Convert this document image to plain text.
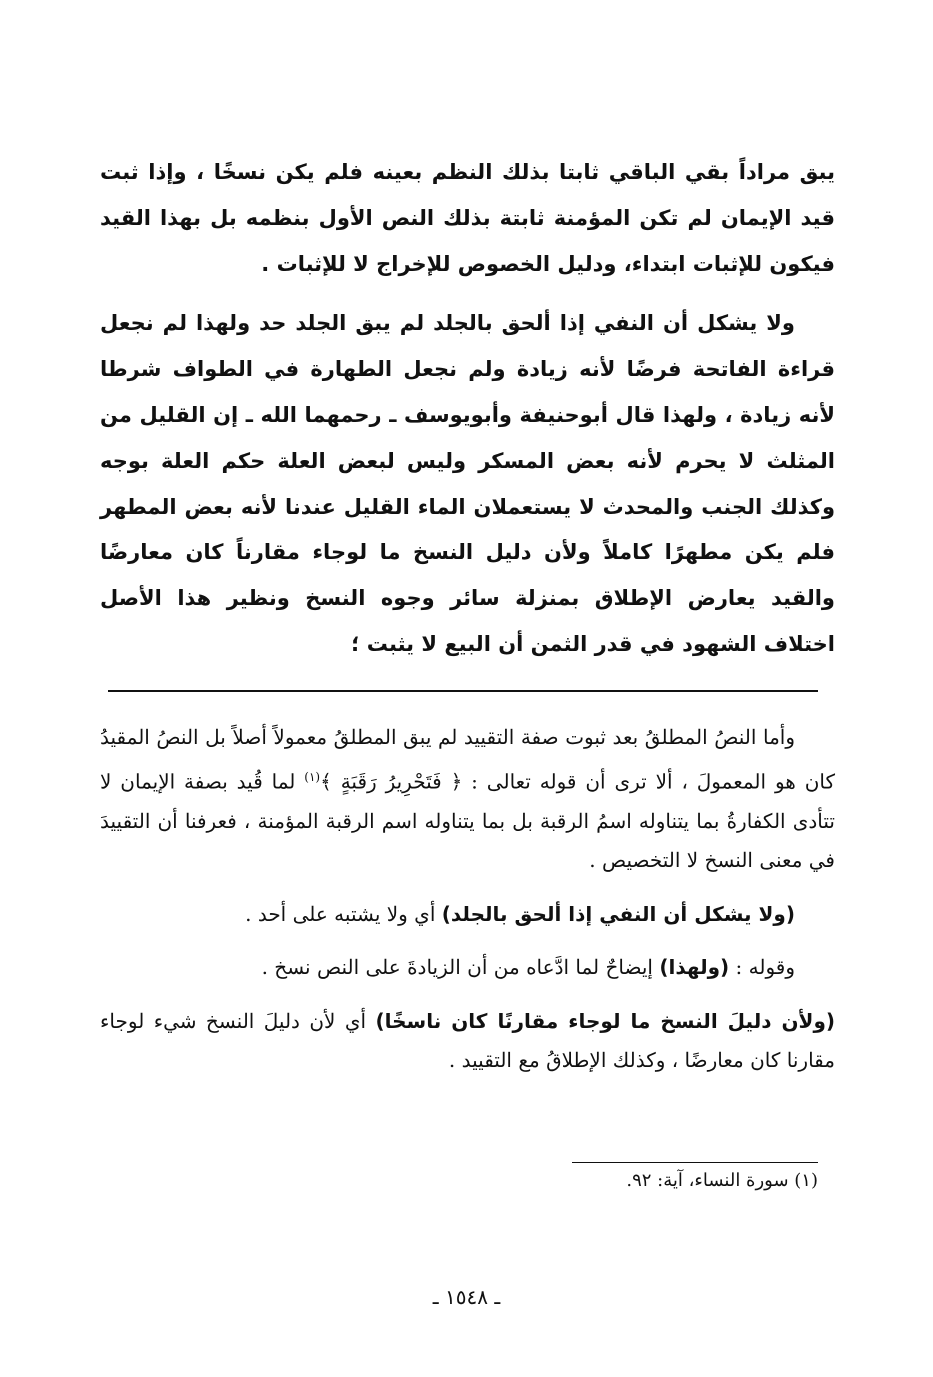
يبق مراداً بقي الباقي ثابتا بذلك النظم بعينه فلم يكن نسخًا ، وإذا ثبت قيد الإيمان لم تكن المؤمنة ثابتة بذلك النص الأول بنظمه بل بهذا القيد فيكون للإثبات ابتداء، ودليل الخصوص للإخراج لا للإثبات .

ولا يشكل أن النفي إذا ألحق بالجلد لم يبق الجلد حد ولهذا لم نجعل قراءة الفاتحة فرضًا لأنه زيادة ولم نجعل الطهارة في الطواف شرطا لأنه زيادة ، ولهذا قال أبوحنيفة وأبويوسف ـ رحمهما الله ـ إن القليل من المثلث لا يحرم لأنه بعض المسكر وليس لبعض العلة حكم العلة بوجه وكذلك الجنب والمحدث لا يستعملان الماء القليل عندنا لأنه بعض المطهر فلم يكن مطهرًا كاملاً ولأن دليل النسخ ما لوجاء مقارناً كان معارضًا والقيد يعارض الإطلاق بمنزلة سائر وجوه النسخ ونظير هذا الأصل اختلاف الشهود في قدر الثمن أن البيع لا يثبت ؛

وأما النصُ المطلقُ بعد ثبوت صفة التقييد لم يبق المطلقُ معمولاً أصلاً بل النصُ المقيدُ كان هو المعمولَ ، ألا ترى أن قوله تعالى : ﴿ فَتَحْرِيرُ رَقَبَةٍ ﴾$^{(١)}$ لما قُيد بصفة الإيمان لا تتأدى الكفارةُ بما يتناوله اسمُ الرقبة بل بما يتناوله اسم الرقبة المؤمنة ، فعرفنا أن التقييدَ في معنى النسخ لا التخصيص .

(ولا يشكل أن النفي إذا ألحق بالجلد) أي ولا يشتبه على أحد .

وقوله : (ولهذا) إيضاحٌ لما ادَّعاه من أن الزيادةَ على النص نسخ .

(ولأن دليلَ النسخ ما لوجاء مقارنًا كان ناسخًا) أي لأن دليلَ النسخ شيء لوجاء مقارنا كان معارضًا ، وكذلك الإطلاقُ مع التقييد .

(١) سورة النساء، آية: ٩٢.
ـ ١٥٤٨ ـ
